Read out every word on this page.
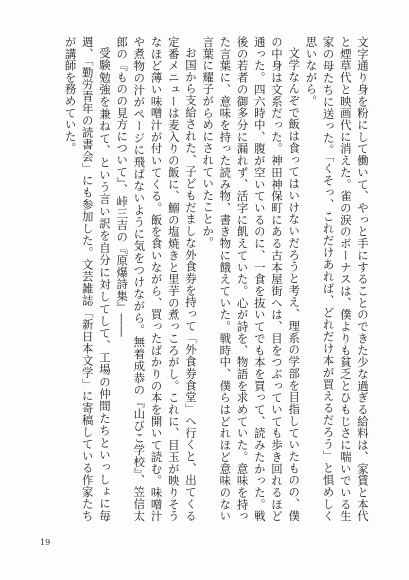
文字通り身を粉にして働いて、やっと手にすることのできた少な過ぎる給料は、家賃と本代と煙草代と映画代に消えた。雀の涙のボーナスは、僕よりも貧乏とひもじさに喘いでいる生家の母たちに送った。「くそっ、これだけあれば、どれだけ本が買えるだろう」と惧めしく思いながら。

文学なんぞで飯は食ってはいけないだろうと考え、理系の学部を目指していたものの、僕の中身は文系だった。神田神保町にある古本屋街へは、目をつぶっていても歩き回れるほど通った。四六時中、腹が空いているのに、一食を抜いてでも本を買って、読みたかった。戦後の若者の御多分に漏れず、活字に飢えていた。心が詩を、物語を求めていた。意味を持った言葉に、意味を持った読み物、書き物に餓えていた。戦時中、僕らはどれほど意味のない言葉に耀子がらめにされていたことか。

お国から支給された、子どもだましな外食券を持って「外食券食堂」へ行くと、出てくる定番メニューは麦入りの飯に、鰯の塩焼きと里芋の煮っころがし。これに、目玉が映りそうなほど薄い味噌汁が付いてくる。飯を食いながら、買ったばかりの本を開いて読む。味噌汁や煮物の汁がページに飛ばないように気をつけながら。無着成恭の『山びこ学校』、笠信太郎の『ものの見方について』、峠三吉の『原爆詩集』――

受験勉強を兼ねて、という言い訳を自分に対してして、工場の仲間たちといっしょに毎週、「勤労青年の読書会」にも参加した。文芸雑誌「新日本文学」に寄稿している作家たちが講師を務めていた。

19
